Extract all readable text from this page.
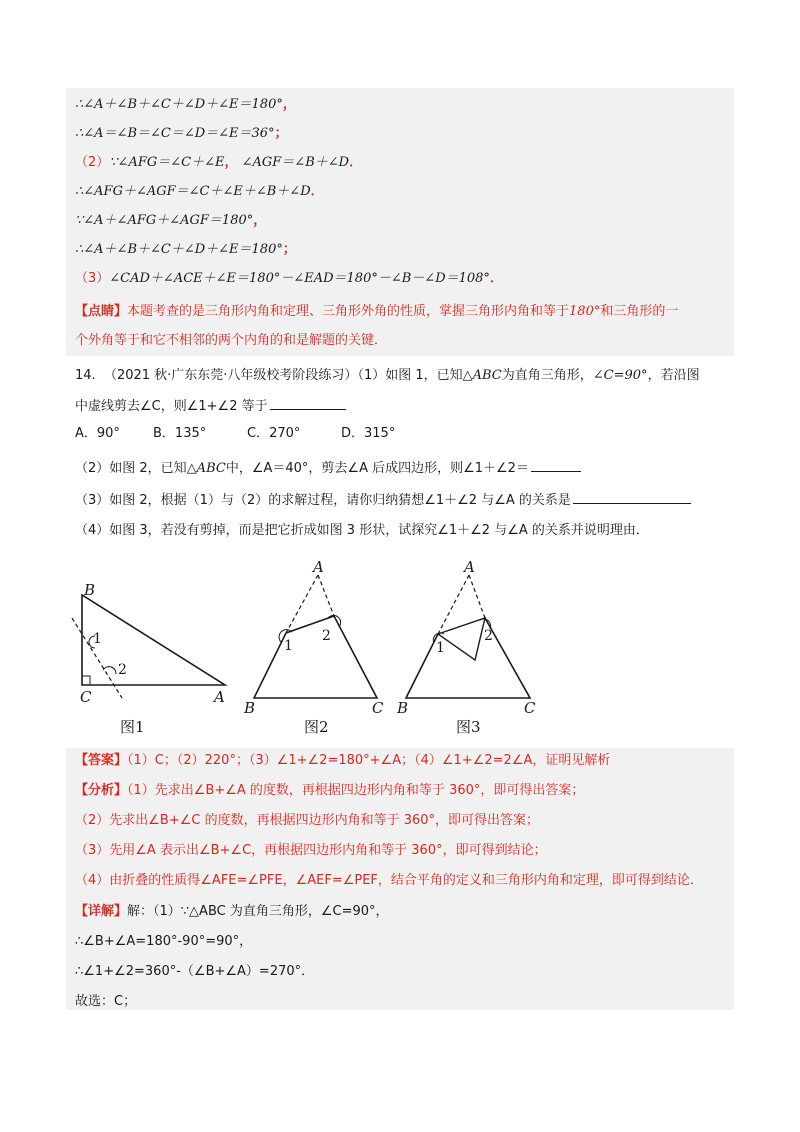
∴∠A＋∠B＋∠C＋∠D＋∠E＝180°，
∴∠A＝∠B＝∠C＝∠D＝∠E＝36°；
（2）∵∠AFG＝∠C＋∠E， ∠AGF＝∠B＋∠D．
∴∠AFG＋∠AGF＝∠C＋∠E＋∠B＋∠D．
∵∠A＋∠AFG＋∠AGF＝180°，
∴∠A＋∠B＋∠C＋∠D＋∠E＝180°；
（3）∠CAD＋∠ACE＋∠E＝180°－∠EAD＝180°－∠B－∠D＝108°．
【点睛】本题考查的是三角形内角和定理、三角形外角的性质，掌握三角形内角和等于180°和三角形的一
个外角等于和它不相邻的两个内角的和是解题的关键．
14. （2021 秋·广东东莞·八年级校考阶段练习）（1）如图 1，已知△ABC为直角三角形，∠C=90°，若沿图
中虚线剪去∠C，则∠1+∠2 等于
A．90°	B．135°	C．270°	D．315°
（2）如图 2，已知△ABC中，∠A＝40°，剪去∠A 后成四边形，则∠1＋∠2＝
（3）如图 2，根据（1）与（2）的求解过程，请你归纳猜想∠1＋∠2 与∠A 的关系是
（4）如图 3，若没有剪掉，而是把它折成如图 3 形状，试探究∠1＋∠2 与∠A 的关系并说明理由．
B
C	A
1
2
图1
A
B	C
1
2
图2
A
B	C
1
2
图3
【答案】（1）C；（2）220°；（3）∠1+∠2=180°+∠A；（4）∠1+∠2=2∠A，证明见解析
【分析】（1）先求出∠B+∠A 的度数，再根据四边形内角和等于 360°，即可得出答案；
（2）先求出∠B+∠C 的度数，再根据四边形内角和等于 360°，即可得出答案；
（3）先用∠A 表示出∠B+∠C，再根据四边形内角和等于 360°，即可得到结论；
（4）由折叠的性质得∠AFE=∠PFE，∠AEF=∠PEF，结合平角的定义和三角形内角和定理，即可得到结论．
【详解】解：（1）∵△ABC 为直角三角形，∠C=90°，
∴∠B+∠A=180°-90°=90°，
∴∠1+∠2=360°-（∠B+∠A）=270°．
故选：C；
